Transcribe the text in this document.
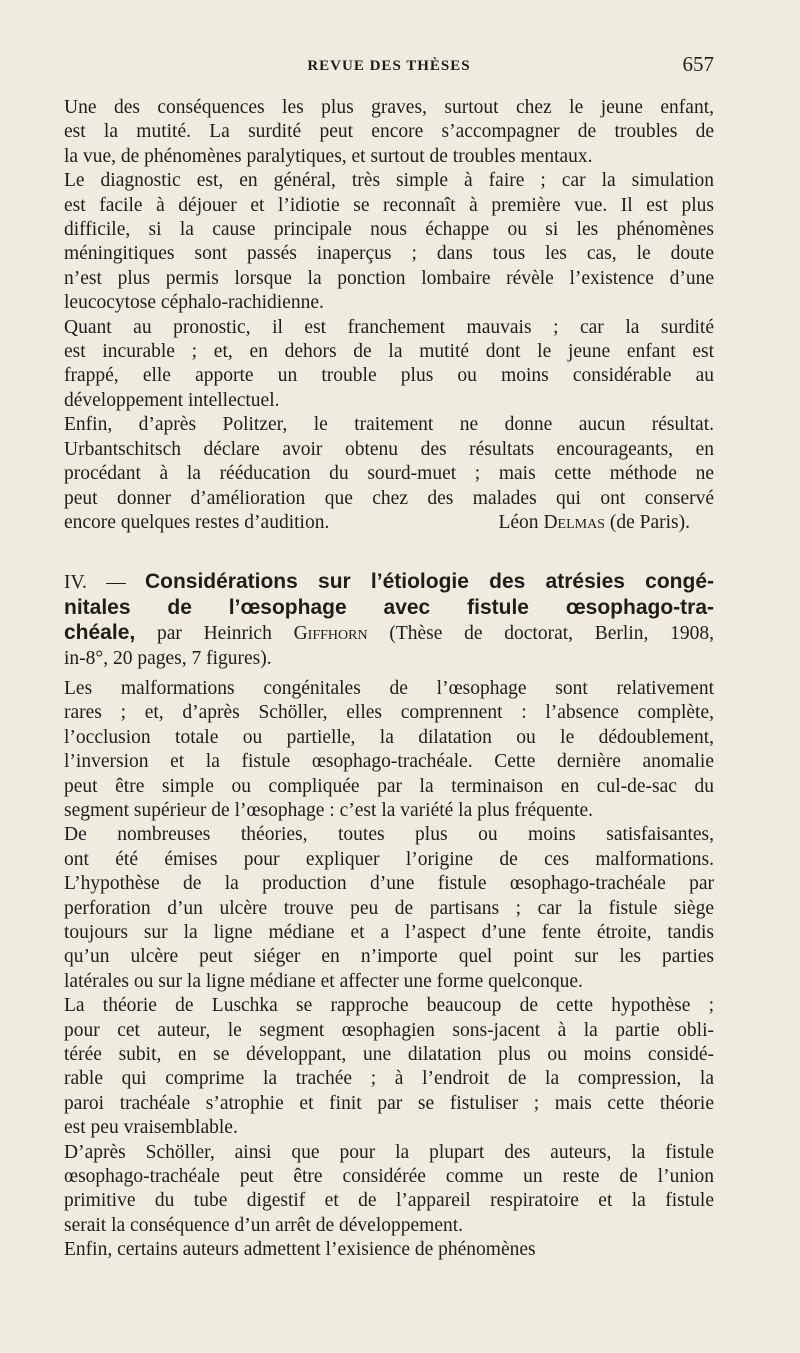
REVUE DES THÈSES	657

Une des conséquences les plus graves, surtout chez le jeune enfant,
est la mutité. La surdité peut encore s’accompagner de troubles de
la vue, de phénomènes paralytiques, et surtout de troubles mentaux.

Le diagnostic est, en général, très simple à faire ; car la simulation
est facile à déjouer et l’idiotie se reconnaît à première vue. Il est plus
difficile, si la cause principale nous échappe ou si les phénomènes
méningitiques sont passés inaperçus ; dans tous les cas, le doute
n’est plus permis lorsque la ponction lombaire révèle l’existence d’une
leucocytose céphalo-rachidienne.

Quant au pronostic, il est franchement mauvais ; car la surdité
est incurable ; et, en dehors de la mutité dont le jeune enfant est
frappé, elle apporte un trouble plus ou moins considérable au
développement intellectuel.

Enfin, d’après Politzer, le traitement ne donne aucun résultat.
Urbantschitsch déclare avoir obtenu des résultats encourageants, en
procédant à la rééducation du sourd-muet ; mais cette méthode ne
peut donner d’amélioration que chez des malades qui ont conservé

encore quelques restes d’audition.	Léon Delmas (de Paris).
IV. — Considérations sur l’étiologie des atrésies congé-
nitales de l’œsophage avec fistule œsophago-tra-
chéale, par Heinrich Giffhorn (Thèse de doctorat, Berlin, 1908,
in-8°, 20 pages, 7 figures).

Les malformations congénitales de l’œsophage sont relativement
rares ; et, d’après Schöller, elles comprennent : l’absence complète,
l’occlusion totale ou partielle, la dilatation ou le dédoublement,
l’inversion et la fistule œsophago-trachéale. Cette dernière anomalie
peut être simple ou compliquée par la terminaison en cul-de-sac du
segment supérieur de l’œsophage : c’est la variété la plus fréquente.

De nombreuses théories, toutes plus ou moins satisfaisantes,
ont été émises pour expliquer l’origine de ces malformations.
L’hypothèse de la production d’une fistule œsophago-trachéale par
perforation d’un ulcère trouve peu de partisans ; car la fistule siège
toujours sur la ligne médiane et a l’aspect d’une fente étroite, tandis
qu’un ulcère peut siéger en n’importe quel point sur les parties
latérales ou sur la ligne médiane et affecter une forme quelconque.

La théorie de Luschka se rapproche beaucoup de cette hypothèse ;
pour cet auteur, le segment œsophagien sons-jacent à la partie obli-
térée subit, en se développant, une dilatation plus ou moins considé-
rable qui comprime la trachée ; à l’endroit de la compression, la
paroi trachéale s’atrophie et finit par se fistuliser ; mais cette théorie
est peu vraisemblable.

D’après Schöller, ainsi que pour la plupart des auteurs, la fistule
œsophago-trachéale peut être considérée comme un reste de l’union
primitive du tube digestif et de l’appareil respiratoire et la fistule
serait la conséquence d’un arrêt de développement.

Enfin, certains auteurs admettent l’exisience de phénomènes
